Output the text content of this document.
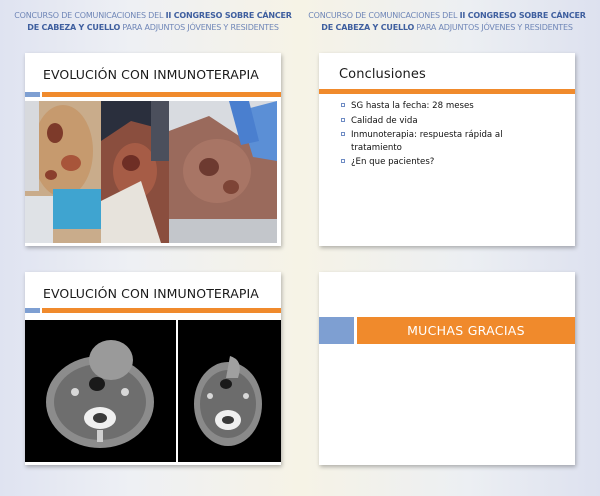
CONCURSO DE COMUNICACIONES DEL II CONGRESO SOBRE CÁNCER DE CABEZA Y CUELLO PARA ADJUNTOS JÓVENES Y RESIDENTES
CONCURSO DE COMUNICACIONES DEL II CONGRESO SOBRE CÁNCER DE CABEZA Y CUELLO PARA ADJUNTOS JÓVENES Y RESIDENTES
EVOLUCIÓN CON INMUNOTERAPIA	Conclusiones
SG hasta la fecha: 28 meses
Calidad de vida
Inmunoterapia: respuesta rápida al tratamiento
¿En que pacientes?
EVOLUCIÓN CON INMUNOTERAPIA
MUCHAS GRACIAS
